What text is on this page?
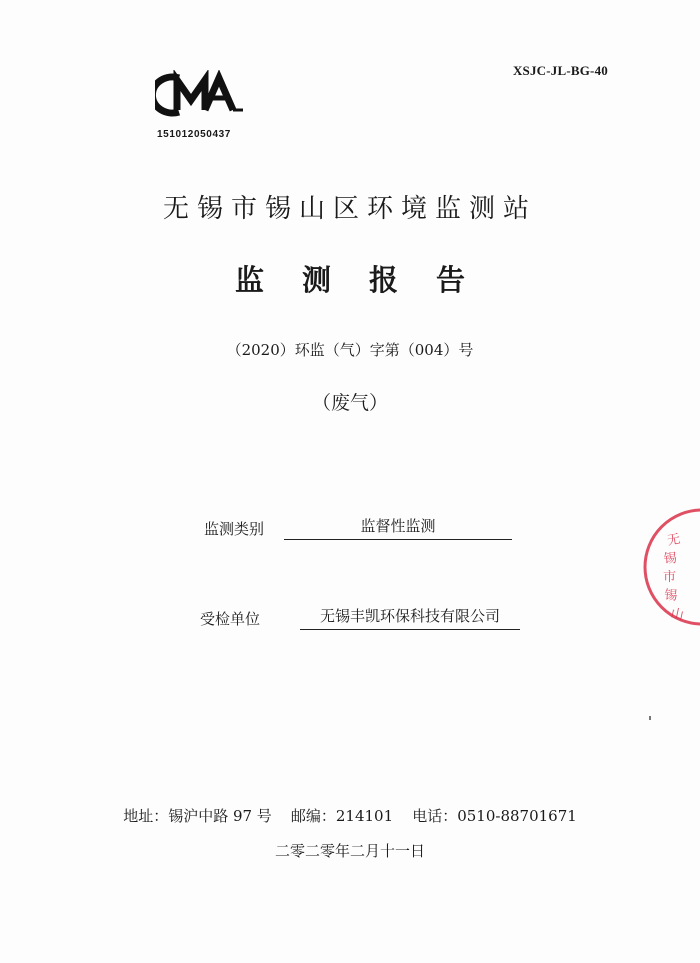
XSJC-JL-BG-40
151012050437
无锡市锡山区环境监测站
监测报告
（2020）环监（气）字第（004）号
（废气）
监测类别	监督性监测
受检单位	无锡丰凯环保科技有限公司
地址：锡沪中路 97 号    邮编：214101    电话：0510-88701671
二零二零年二月十一日
无
锡
市
锡
山
